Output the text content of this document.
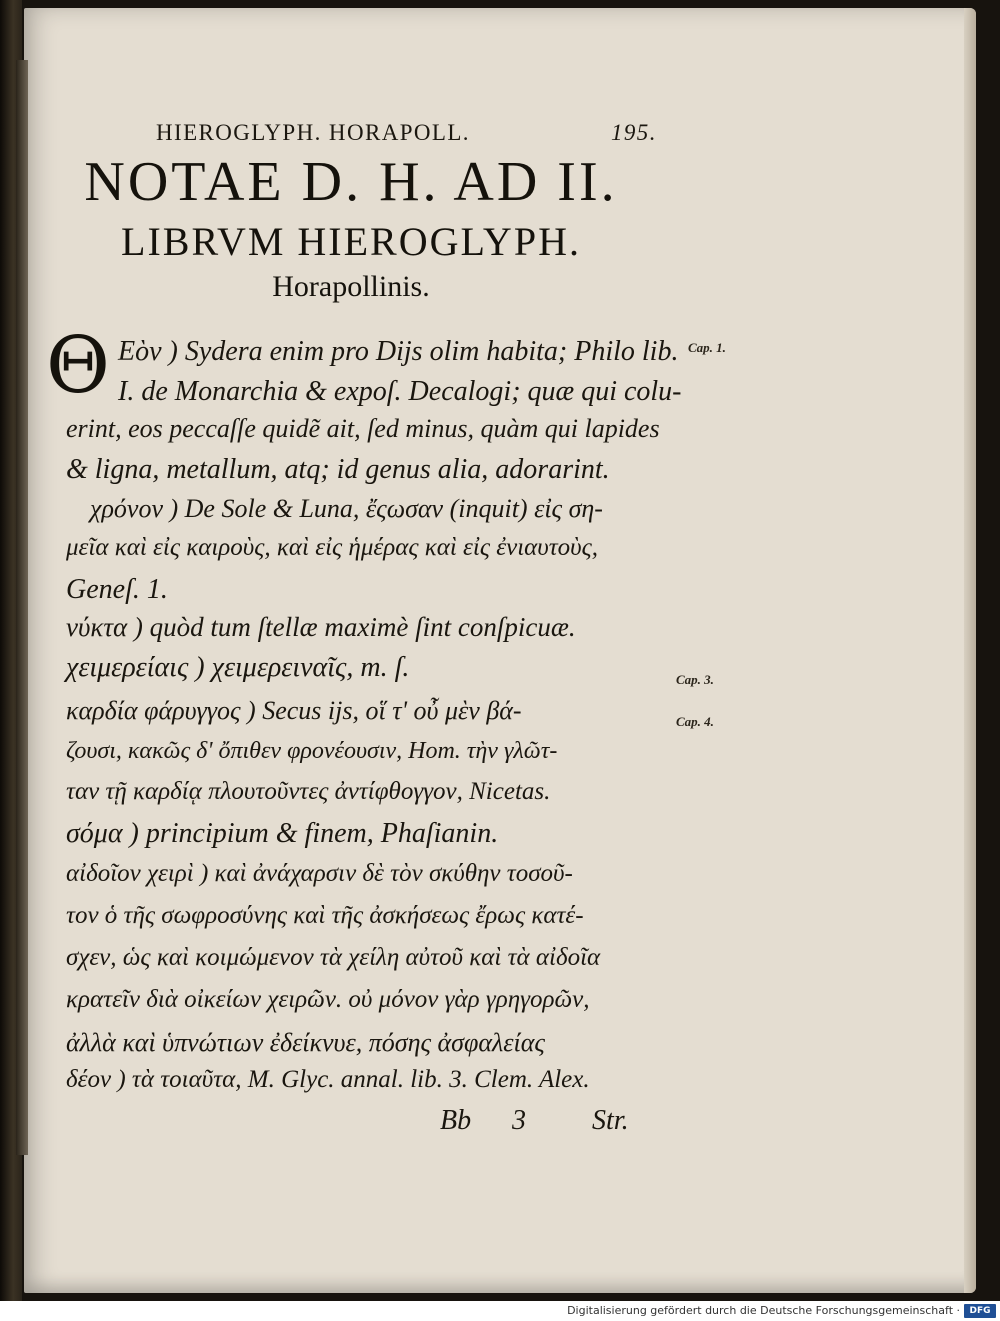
HIEROGLYPH. HORAPOLL.	195.
NOTAE D. H. AD II.
LIBRVM HIEROGLYPH.
Horapollinis.
Θ Εὸν ) Sydera enim pro Dijs olim habita; Philo lib.
I. de Monarchia & expoſ. Decalogi; quæ qui colu-
erint, eos peccaſſe quidẽ ait, ſed minus, quàm qui lapides
& ligna, metallum, atq; id genus alia, adorarint.
χρόνον ) De Sole & Luna, ἔςωσαν (inquit) εἰς ση-
μεῖα καὶ εἰς καιροὺς, καὶ εἰς ἡμέρας καὶ εἰς ἐνιαυτοὺς,
Geneſ. 1.
νύκτα ) quòd tum ſtellæ maximè ſint conſpicuæ.
χειμερείαις ) χειμερειναῖς, m. ſ.
καρδία φάρυγγος ) Secus ijs, οἵ τ' οὖ μὲν βά-
ζουσι, κακῶς δ' ὄπιθεν φρονέουσιν, Hom. τὴν γλῶτ-
ταν τῇ καρδίᾳ πλουτοῦντες ἀντίφθογγον, Nicetas.
σόμα ) principium & finem, Phaſianin.
αἰδοῖον χειρὶ ) καὶ ἀνάχαρσιν δὲ τὸν σκύθην τοσοῦ-
τον ὁ τῆς σωφροσύνης καὶ τῆς ἀσκήσεως ἔρως κατέ-
σχεν, ὡς καὶ κοιμώμενον τὰ χείλη αὐτοῦ καὶ τὰ αἰδοῖα
κρατεῖν διὰ οἰκείων χειρῶν. οὐ μόνον γὰρ γρηγορῶν,
ἀλλὰ καὶ ὑπνώτιων ἐδείκνυε, πόσης ἀσφαλείας
δέον ) τὰ τοιαῦτα, M. Glyc. annal. lib. 3. Clem. Alex.
Cap. 1.
Cap. 3.
Cap. 4.
Bb 3 Str.
Digitalisierung gefördert durch die Deutsche Forschungsgemeinschaft ·	DFG
